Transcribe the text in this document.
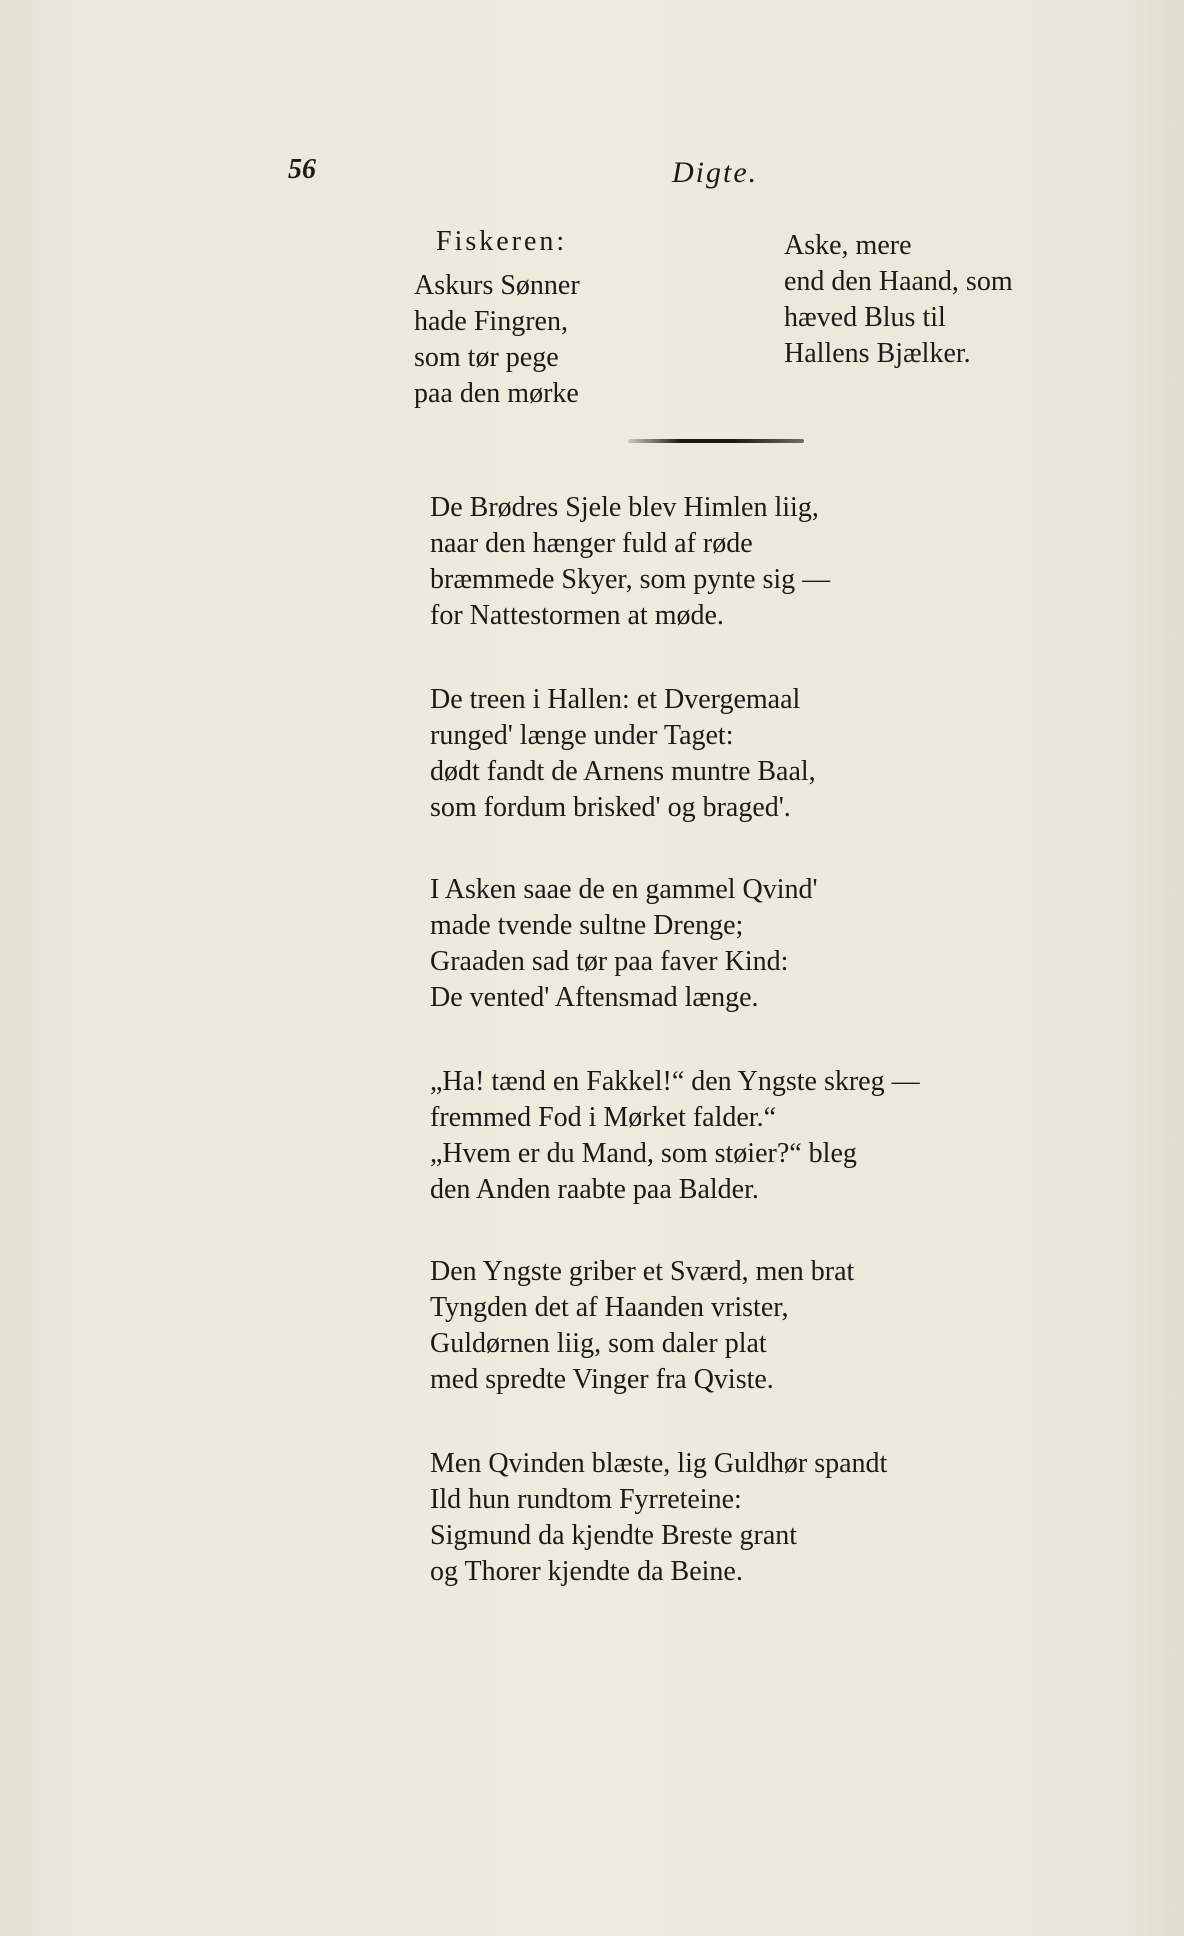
56	Digte.
Fiskeren:
Askurs Sønner
hade Fingren,
som tør pege
paa den mørke
Aske, mere
end den Haand, som
hæved Blus til
Hallens Bjælker.
De Brødres Sjele blev Himlen liig,
naar den hænger fuld af røde
bræmmede Skyer, som pynte sig —
for Nattestormen at møde.
De treen i Hallen: et Dvergemaal
runged' længe under Taget:
dødt fandt de Arnens muntre Baal,
som fordum brisked' og braged'.
I Asken saae de en gammel Qvind'
made tvende sultne Drenge;
Graaden sad tør paa faver Kind:
De vented' Aftensmad længe.
„Ha! tænd en Fakkel!“ den Yngste skreg —
fremmed Fod i Mørket falder.“
„Hvem er du Mand, som støier?“ bleg
den Anden raabte paa Balder.
Den Yngste griber et Sværd, men brat
Tyngden det af Haanden vrister,
Guldørnen liig, som daler plat
med spredte Vinger fra Qviste.
Men Qvinden blæste, lig Guldhør spandt
Ild hun rundtom Fyrreteine:
Sigmund da kjendte Breste grant
og Thorer kjendte da Beine.
